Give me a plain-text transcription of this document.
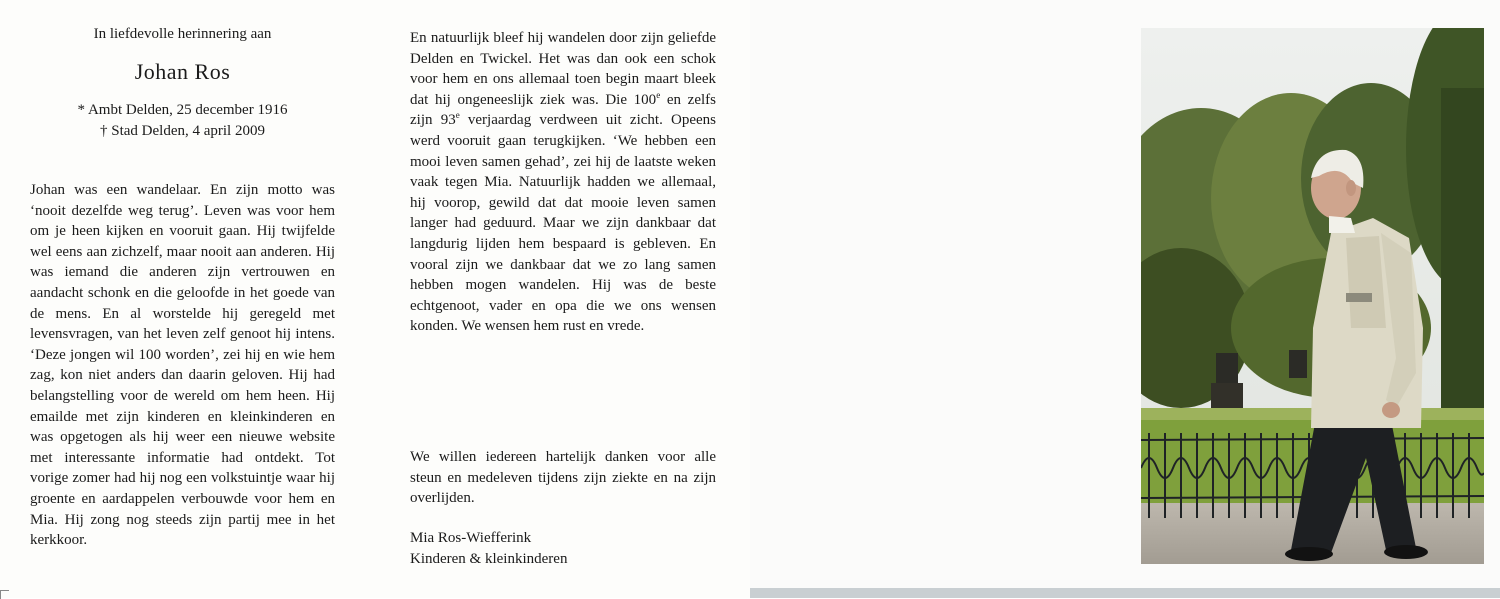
In liefdevolle herinnering aan
Johan Ros
* Ambt Delden, 25 december 1916
† Stad Delden, 4 april 2009

Johan was een wandelaar. En zijn motto was ‘nooit dezelfde weg terug’. Leven was voor hem om je heen kijken en vooruit gaan. Hij twijfelde wel eens aan zichzelf, maar nooit aan anderen. Hij was iemand die anderen zijn vertrouwen en aandacht schonk en die geloofde in het goede van de mens. En al worstelde hij geregeld met levensvragen, van het leven zelf genoot hij intens. ‘Deze jongen wil 100 worden’, zei hij en wie hem zag, kon niet anders dan daarin geloven. Hij had belangstelling voor de wereld om hem heen. Hij emailde met zijn kinderen en kleinkinderen en was opgetogen als hij weer een nieuwe website met interessante informatie had ontdekt. Tot vorige zomer had hij nog een volkstuintje waar hij groente en aardappelen verbouwde voor hem en Mia. Hij zong nog steeds zijn partij mee in het kerkkoor.

En natuurlijk bleef hij wandelen door zijn geliefde Delden en Twickel. Het was dan ook een schok voor hem en ons allemaal toen begin maart bleek dat hij ongeneeslijk ziek was. Die 100e en zelfs zijn 93e verjaardag verdween uit zicht. Opeens werd vooruit gaan terugkijken. ‘We hebben een mooi leven samen gehad’, zei hij de laatste weken vaak tegen Mia. Natuurlijk hadden we allemaal, hij voorop, gewild dat dat mooie leven samen langer had geduurd. Maar we zijn dankbaar dat langdurig lijden hem bespaard is gebleven. En vooral zijn we dankbaar dat we zo lang samen hebben mogen wandelen. Hij was de beste echtgenoot, vader en opa die we ons wensen konden. We wensen hem rust en vrede.

We willen iedereen hartelijk danken voor alle steun en medeleven tijdens zijn ziekte en na zijn overlijden.

Mia Ros-Wiefferink
Kinderen & kleinkinderen
